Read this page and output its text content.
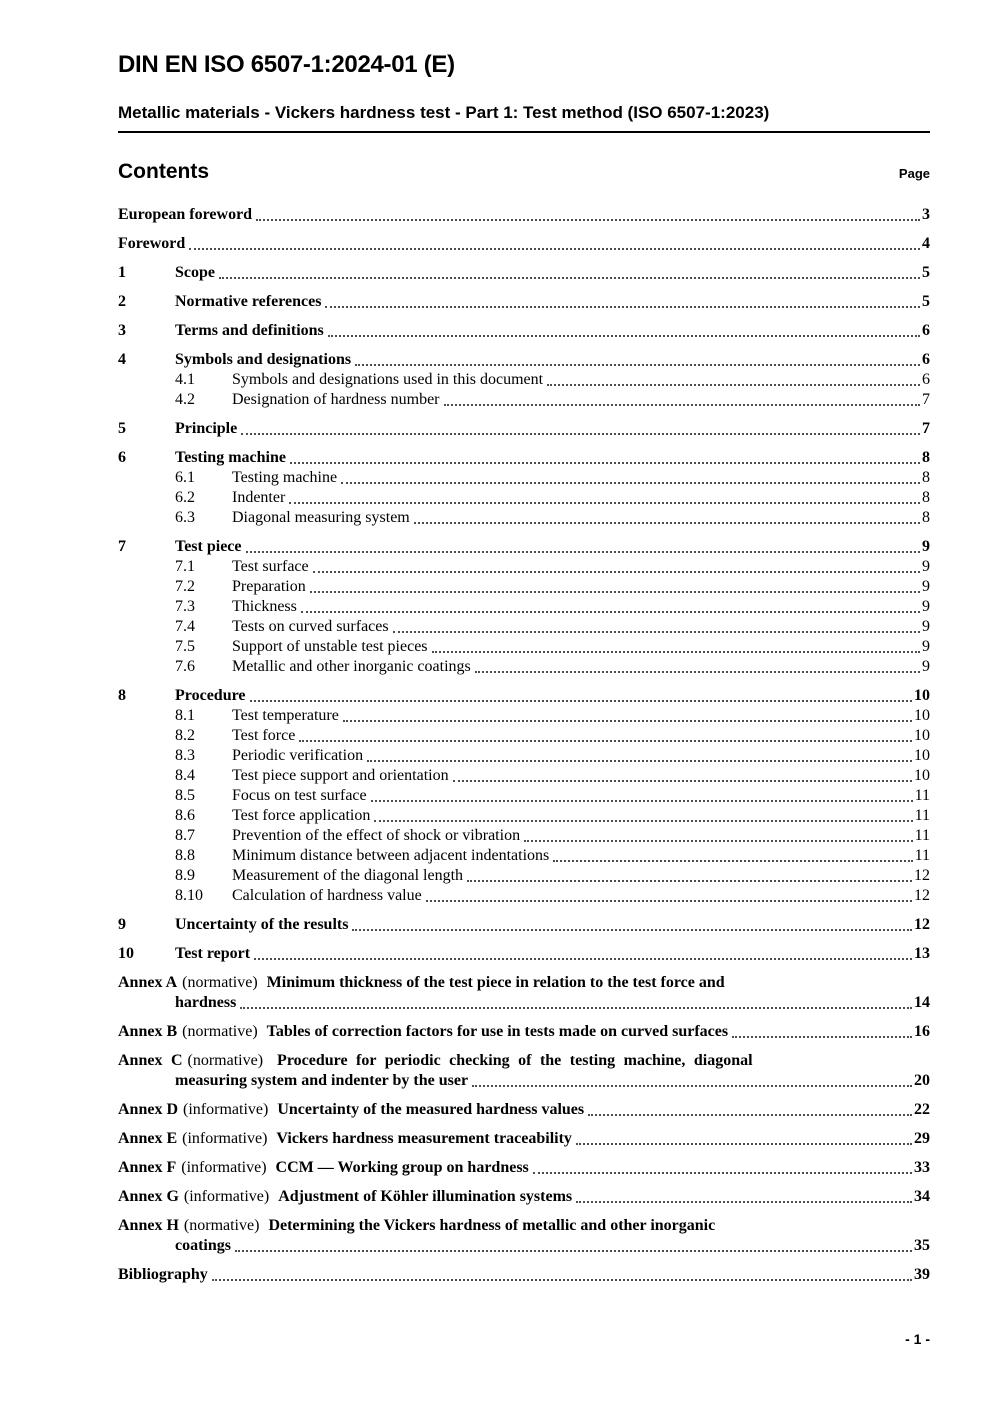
DIN EN ISO 6507-1:2024-01 (E)
Metallic materials - Vickers hardness test - Part 1: Test method (ISO 6507-1:2023)
Contents	Page
European foreword	3
Foreword	4
1	Scope	5
2	Normative references	5
3	Terms and definitions	6
4	Symbols and designations	6
4.1	Symbols and designations used in this document	6
4.2	Designation of hardness number	7
5	Principle	7
6	Testing machine	8
6.1	Testing machine	8
6.2	Indenter	8
6.3	Diagonal measuring system	8
7	Test piece	9
7.1	Test surface	9
7.2	Preparation	9
7.3	Thickness	9
7.4	Tests on curved surfaces	9
7.5	Support of unstable test pieces	9
7.6	Metallic and other inorganic coatings	9
8	Procedure	10
8.1	Test temperature	10
8.2	Test force	10
8.3	Periodic verification	10
8.4	Test piece support and orientation	10
8.5	Focus on test surface	11
8.6	Test force application	11
8.7	Prevention of the effect of shock or vibration	11
8.8	Minimum distance between adjacent indentations	11
8.9	Measurement of the diagonal length	12
8.10	Calculation of hardness value	12
9	Uncertainty of the results	12
10	Test report	13
Annex A (normative) Minimum thickness of the test piece in relation to the test force and
hardness	14
Annex B (normative) Tables of correction factors for use in tests made on curved surfaces	16
Annex C (normative) Procedure for periodic checking of the testing machine, diagonal
measuring system and indenter by the user	20
Annex D (informative) Uncertainty of the measured hardness values	22
Annex E (informative) Vickers hardness measurement traceability	29
Annex F (informative) CCM — Working group on hardness	33
Annex G (informative) Adjustment of Köhler illumination systems	34
Annex H (normative) Determining the Vickers hardness of metallic and other inorganic
coatings	35
Bibliography	39
- 1 -
